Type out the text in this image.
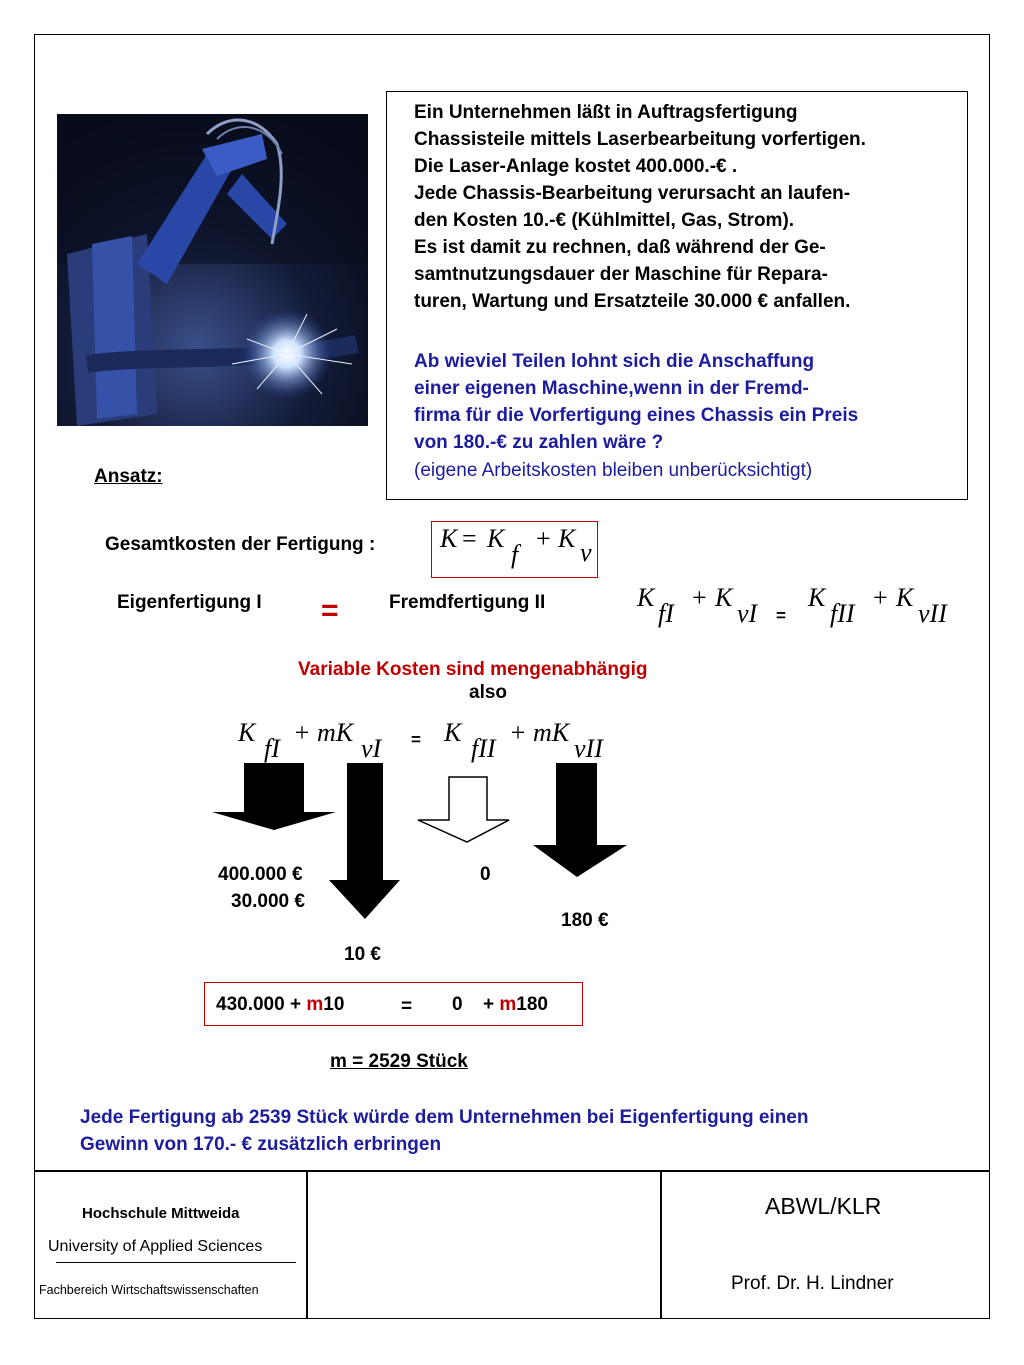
Ein Unternehmen läßt in Auftragsfertigung
Chassisteile mittels Laserbearbeitung vorfertigen.
Die Laser-Anlage kostet 400.000.-€ .
Jede Chassis-Bearbeitung verursacht an laufen-
den Kosten 10.-€ (Kühlmittel, Gas, Strom).
Es ist damit zu rechnen, daß während der Ge-
samtnutzungsdauer der Maschine für Repara-
turen, Wartung und Ersatzteile 30.000 € anfallen.
Ab wieviel Teilen lohnt sich die Anschaffung
einer eigenen Maschine,wenn in der Fremd-
firma für die Vorfertigung eines Chassis ein Preis
von 180.-€ zu zahlen wäre ?
(eigene Arbeitskosten bleiben unberücksichtigt)
Ansatz:
Gesamtkosten der Fertigung : K = K
f
+ K v
Eigenfertigung I =	Fremdfertigung II	K
fI
+ K
vI =
K
fII
+ K
vII
Variable Kosten sind mengenabhängig
also
K
fI
+ mK
vI = K
fII
+ mK
vII
400.000 €
30.000 €
10 €
0
180 €
430.000 + m10	= 0 + m180
m = 2529 Stück
Jede Fertigung ab 2539 Stück würde dem Unternehmen bei Eigenfertigung einen
Gewinn von 170.- € zusätzlich erbringen
Hochschule Mittweida
University of Applied Sciences
Fachbereich Wirtschaftswissenschaften
ABWL/KLR
Prof. Dr. H. Lindner
